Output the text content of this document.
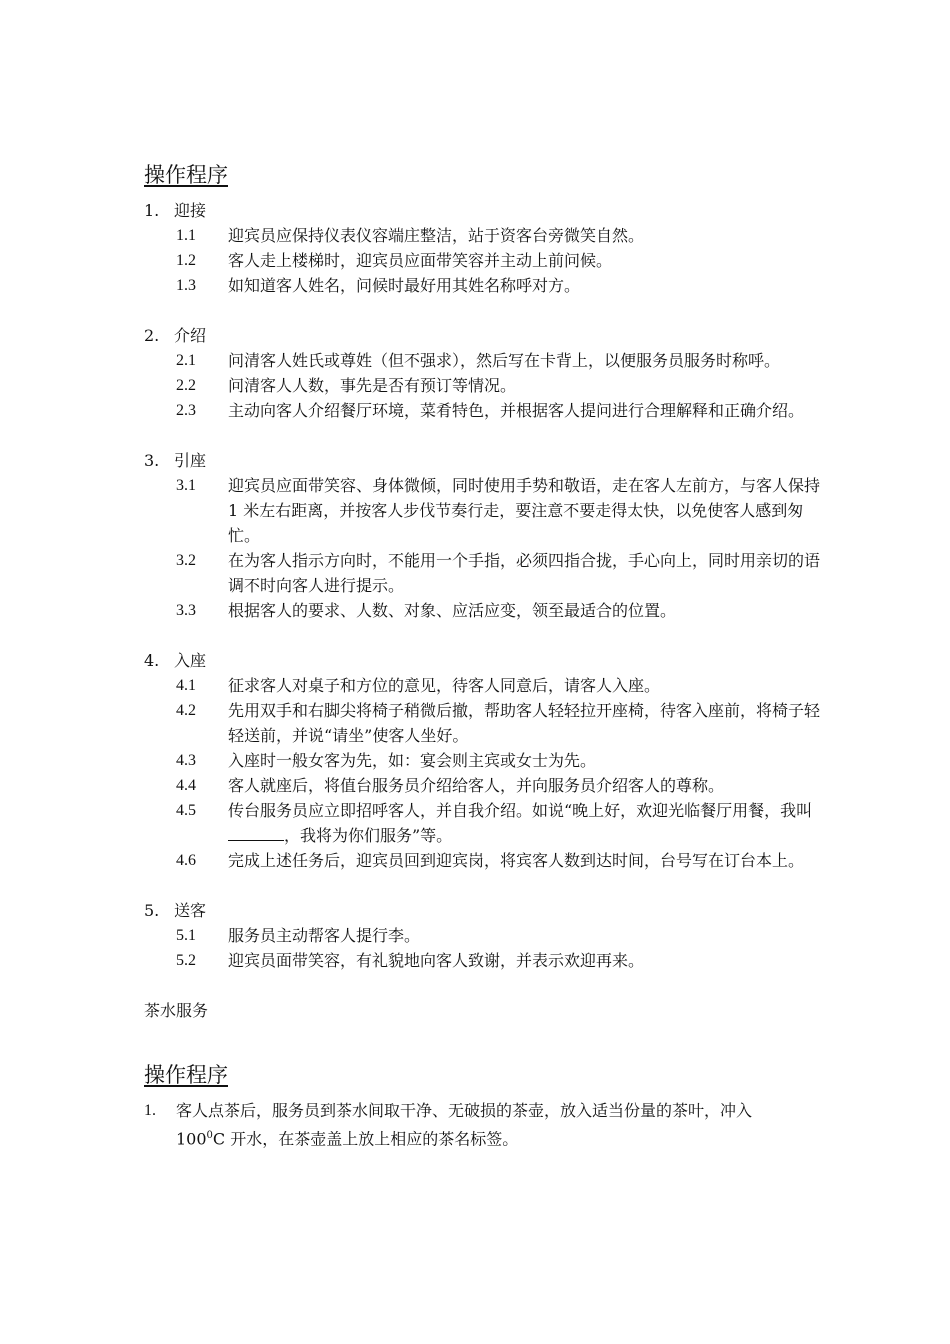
操作程序
1. 迎接
1.1	迎宾员应保持仪表仪容端庄整洁，站于资客台旁微笑自然。
1.2	客人走上楼梯时，迎宾员应面带笑容并主动上前问候。
1.3	如知道客人姓名，问候时最好用其姓名称呼对方。
2. 介绍
2.1	问清客人姓氏或尊姓（但不强求），然后写在卡背上，以便服务员服务时称呼。
2.2	问清客人人数，事先是否有预订等情况。
2.3	主动向客人介绍餐厅环境，菜肴特色，并根据客人提问进行合理解释和正确介绍。
3. 引座
3.1	迎宾员应面带笑容、身体微倾，同时使用手势和敬语，走在客人左前方，与客人保持 1 米左右距离，并按客人步伐节奏行走，要注意不要走得太快，以免使客人感到匆忙。
3.2	在为客人指示方向时，不能用一个手指，必须四指合拢，手心向上，同时用亲切的语调不时向客人进行提示。
3.3	根据客人的要求、人数、对象、应活应变，领至最适合的位置。
4. 入座
4.1	征求客人对桌子和方位的意见，待客人同意后，请客人入座。
4.2	先用双手和右脚尖将椅子稍微后撤，帮助客人轻轻拉开座椅，待客入座前，将椅子轻轻送前，并说“请坐”使客人坐好。
4.3	入座时一般女客为先，如：宴会则主宾或女士为先。
4.4	客人就座后，将值台服务员介绍给客人，并向服务员介绍客人的尊称。
4.5	传台服务员应立即招呼客人，并自我介绍。如说“晚上好，欢迎光临餐厅用餐，我叫，我将为你们服务”等。
4.6	完成上述任务后，迎宾员回到迎宾岗，将宾客人数到达时间，台号写在订台本上。
5. 送客
5.1	服务员主动帮客人提行李。
5.2	迎宾员面带笑容，有礼貌地向客人致谢，并表示欢迎再来。
茶水服务
操作程序
1.	客人点茶后，服务员到茶水间取干净、无破损的茶壶，放入适当份量的茶叶，冲入 $100^0C$ 开水，在茶壶盖上放上相应的茶名标签。
